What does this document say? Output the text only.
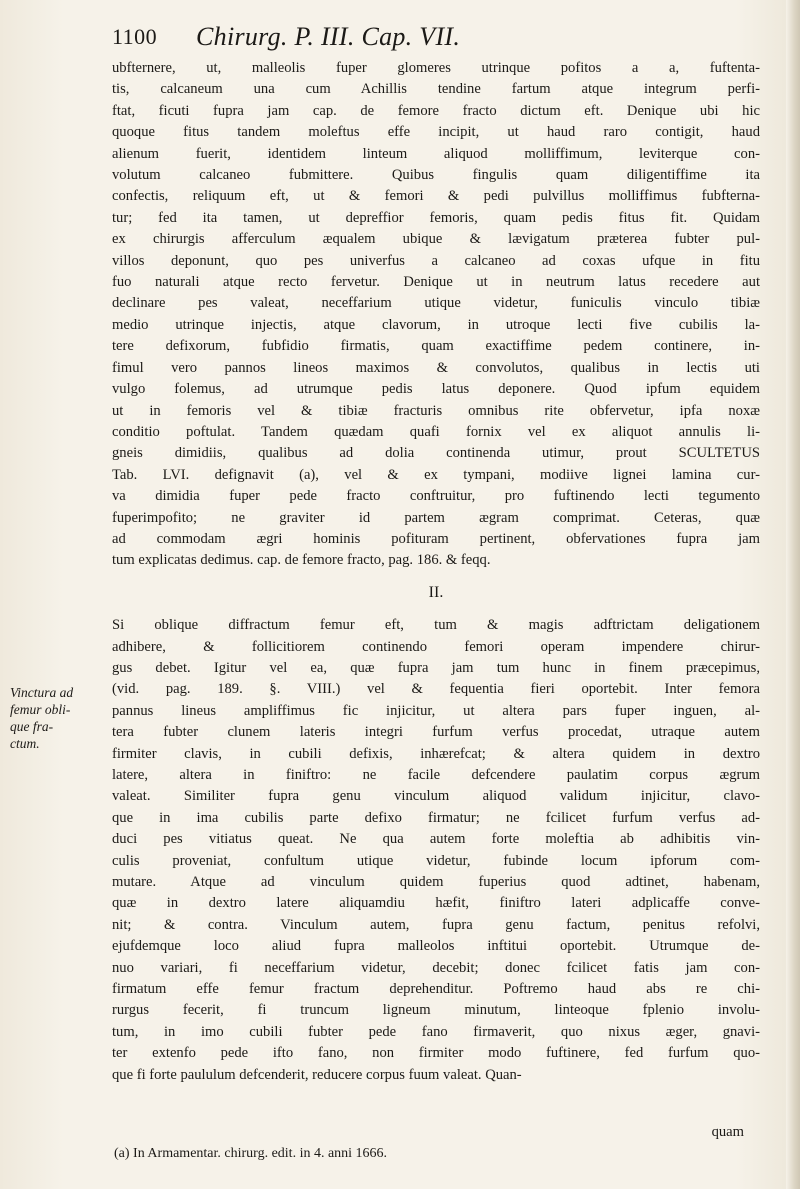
1100 Chirurg. P. III. Cap. VII.
ubfternere, ut, malleolis fuper glomeres utrinque pofitos a a, fuftenta-
tis, calcaneum una cum Achillis tendine fartum atque integrum perfi-
ftat, ficuti fupra jam cap. de femore fracto dictum eft. Denique ubi hic
quoque fitus tandem moleftus effe incipit, ut haud raro contigit, haud
alienum fuerit, identidem linteum aliquod molliffimum, leviterque con-
volutum calcaneo fubmittere. Quibus fingulis quam diligentiffime ita
confectis, reliquum eft, ut & femori & pedi pulvillus molliffimus fubfterna-
tur; fed ita tamen, ut depreffior femoris, quam pedis fitus fit. Quidam
ex chirurgis afferculum æqualem ubique & lævigatum præterea fubter pul-
villos deponunt, quo pes univerfus a calcaneo ad coxas ufque in fitu
fuo naturali atque recto fervetur. Denique ut in neutrum latus recedere aut
declinare pes valeat, neceffarium utique videtur, funiculis vinculo tibiæ
medio utrinque injectis, atque clavorum, in utroque lecti five cubilis la-
tere defixorum, fubfidio firmatis, quam exactiffime pedem continere, in-
fimul vero pannos lineos maximos & convolutos, qualibus in lectis uti
vulgo folemus, ad utrumque pedis latus deponere. Quod ipfum equidem
ut in femoris vel & tibiæ fracturis omnibus rite obfervetur, ipfa noxæ
conditio poftulat. Tandem quædam quafi fornix vel ex aliquot annulis li-
gneis dimidiis, qualibus ad dolia continenda utimur, prout SCULTETUS
Tab. LVI. defignavit (a), vel & ex tympani, modiive lignei lamina cur-
va dimidia fuper pede fracto conftruitur, pro fuftinendo lecti tegumento
fuperimpofito; ne graviter id partem ægram comprimat. Ceteras, quæ
ad commodam ægri hominis pofituram pertinent, obfervationes fupra jam
tum explicatas dedimus. cap. de femore fracto, pag. 186. & feqq.
II.
Si oblique diffractum femur eft, tum & magis adftrictam deligationem
adhibere, & follicitiorem continendo femori operam impendere chirur-
gus debet. Igitur vel ea, quæ fupra jam tum hunc in finem præcepimus,
(vid. pag. 189. §. VIII.) vel & fequentia fieri oportebit. Inter femora
pannus lineus ampliffimus fic injicitur, ut altera pars fuper inguen, al-
tera fubter clunem lateris integri furfum verfus procedat, utraque autem
firmiter clavis, in cubili defixis, inhærefcat; & altera quidem in dextro
latere, altera in finiftro: ne facile defcendere paulatim corpus ægrum
valeat. Similiter fupra genu vinculum aliquod validum injicitur, clavo-
que in ima cubilis parte defixo firmatur; ne fcilicet furfum verfus ad-
duci pes vitiatus queat. Ne qua autem forte moleftia ab adhibitis vin-
culis proveniat, confultum utique videtur, fubinde locum ipforum com-
mutare. Atque ad vinculum quidem fuperius quod adtinet, habenam,
quæ in dextro latere aliquamdiu hæfit, finiftro lateri adplicaffe conve-
nit; & contra. Vinculum autem, fupra genu factum, penitus refolvi,
ejufdemque loco aliud fupra malleolos inftitui oportebit. Utrumque de-
nuo variari, fi neceffarium videtur, decebit; donec fcilicet fatis jam con-
firmatum effe femur fractum deprehenditur. Poftremo haud abs re chi-
rurgus fecerit, fi truncum ligneum minutum, linteoque fplenio involu-
tum, in imo cubili fubter pede fano firmaverit, quo nixus æger, gnavi-
ter extenfo pede ifto fano, non firmiter modo fuftinere, fed furfum quo-
que fi forte paululum defcenderit, reducere corpus fuum valeat. Quan-
Vinctura ad
femur obli-
que fra-
ctum.
quam
(a) In Armamentar. chirurg. edit. in 4. anni 1666.
